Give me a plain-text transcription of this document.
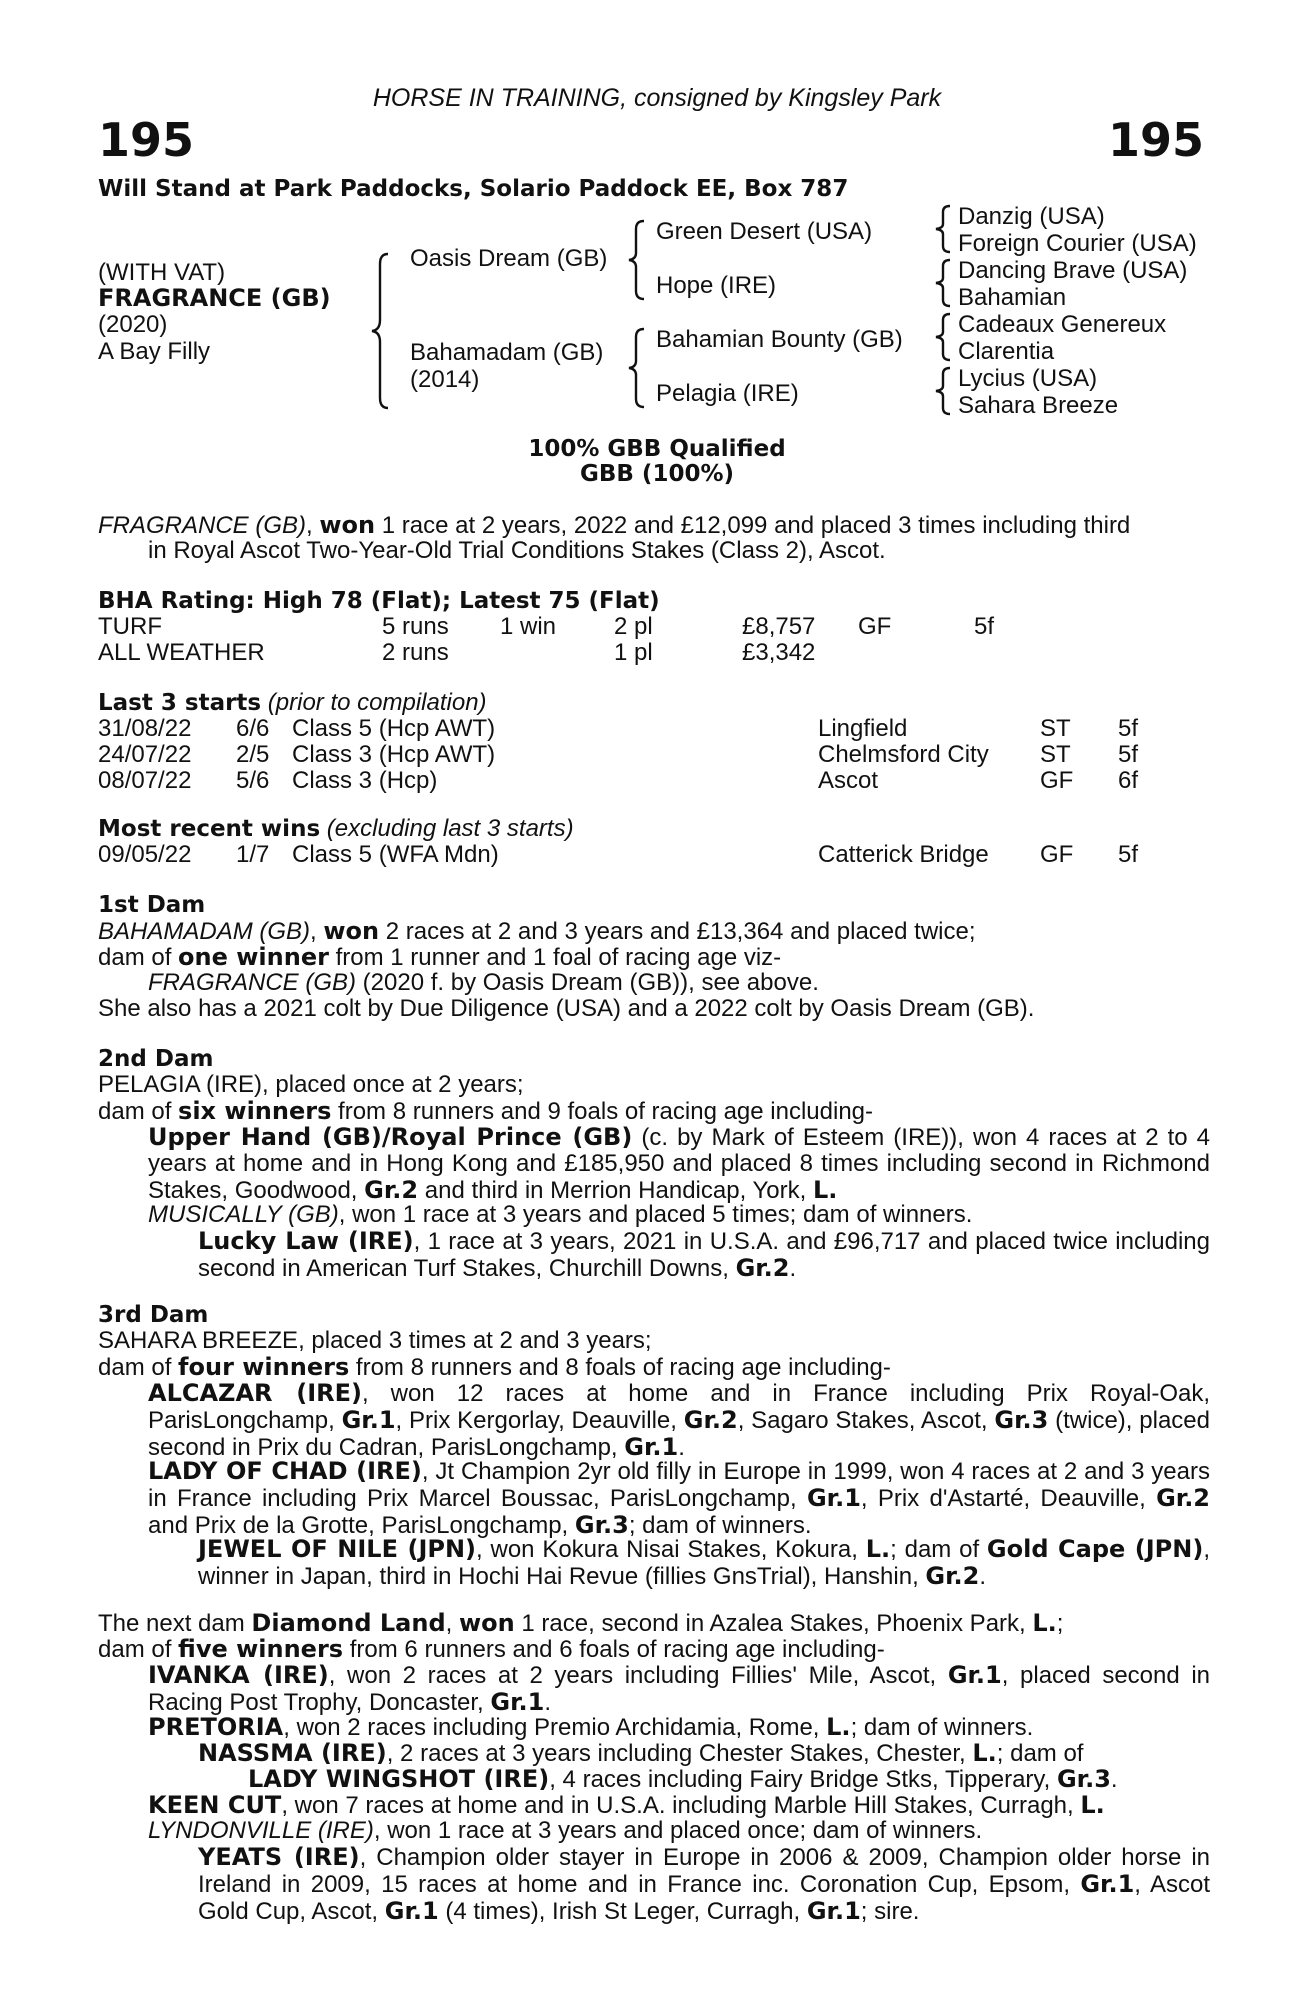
HORSE IN TRAINING, consigned by Kingsley Park
195	195
Will Stand at Park Paddocks, Solario Paddock EE, Box 787
(WITH VAT)
FRAGRANCE (GB)
(2020)
A Bay Filly
Oasis Dream (GB)
Bahamadam (GB)
(2014)
Green Desert (USA)
Hope (IRE)
Bahamian Bounty (GB)
Pelagia (IRE)
Danzig (USA)
Foreign Courier (USA)
Dancing Brave (USA)
Bahamian
Cadeaux Genereux
Clarentia
Lycius (USA)
Sahara Breeze
100% GBB Qualified
GBB (100%)
FRAGRANCE (GB), won 1 race at 2 years, 2022 and £12,099 and placed 3 times including third
in Royal Ascot Two-Year-Old Trial Conditions Stakes (Class 2), Ascot.
BHA Rating: High 78 (Flat); Latest 75 (Flat)
TURF	5 runs 1 win 2 pl	£8,757 GF	5f
ALL WEATHER	2 runs	1 pl	£3,342
Last 3 starts (prior to compilation)
31/08/22 6/6 Class 5 (Hcp AWT)	Lingfield	ST 5f
24/07/22 2/5 Class 3 (Hcp AWT)	Chelmsford City ST 5f
08/07/22 5/6 Class 3 (Hcp)	Ascot	GF 6f
Most recent wins (excluding last 3 starts)
09/05/22 1/7 Class 5 (WFA Mdn)	Catterick Bridge GF 5f
1st Dam
BAHAMADAM (GB), won 2 races at 2 and 3 years and £13,364 and placed twice;
dam of one winner from 1 runner and 1 foal of racing age viz-
FRAGRANCE (GB) (2020 f. by Oasis Dream (GB)), see above.
She also has a 2021 colt by Due Diligence (USA) and a 2022 colt by Oasis Dream (GB).
2nd Dam
PELAGIA (IRE), placed once at 2 years;
dam of six winners from 8 runners and 9 foals of racing age including-
Upper Hand (GB)/Royal Prince (GB) (c. by Mark of Esteem (IRE)), won 4 races at 2 to 4 years at home and in Hong Kong and £185,950 and placed 8 times including second in Richmond Stakes, Goodwood, Gr.2 and third in Merrion Handicap, York, L.
MUSICALLY (GB), won 1 race at 3 years and placed 5 times; dam of winners.
Lucky Law (IRE), 1 race at 3 years, 2021 in U.S.A. and £96,717 and placed twice including second in American Turf Stakes, Churchill Downs, Gr.2.
3rd Dam
SAHARA BREEZE, placed 3 times at 2 and 3 years;
dam of four winners from 8 runners and 8 foals of racing age including-
ALCAZAR (IRE), won 12 races at home and in France including Prix Royal-Oak, ParisLongchamp, Gr.1, Prix Kergorlay, Deauville, Gr.2, Sagaro Stakes, Ascot, Gr.3 (twice), placed second in Prix du Cadran, ParisLongchamp, Gr.1.
LADY OF CHAD (IRE), Jt Champion 2yr old filly in Europe in 1999, won 4 races at 2 and 3 years in France including Prix Marcel Boussac, ParisLongchamp, Gr.1, Prix d'Astarté, Deauville, Gr.2 and Prix de la Grotte, ParisLongchamp, Gr.3; dam of winners.
JEWEL OF NILE (JPN), won Kokura Nisai Stakes, Kokura, L.; dam of Gold Cape (JPN), winner in Japan, third in Hochi Hai Revue (fillies GnsTrial), Hanshin, Gr.2.
The next dam Diamond Land, won 1 race, second in Azalea Stakes, Phoenix Park, L.;
dam of five winners from 6 runners and 6 foals of racing age including-
IVANKA (IRE), won 2 races at 2 years including Fillies' Mile, Ascot, Gr.1, placed second in Racing Post Trophy, Doncaster, Gr.1.
PRETORIA, won 2 races including Premio Archidamia, Rome, L.; dam of winners.
NASSMA (IRE), 2 races at 3 years including Chester Stakes, Chester, L.; dam of
LADY WINGSHOT (IRE), 4 races including Fairy Bridge Stks, Tipperary, Gr.3.
KEEN CUT, won 7 races at home and in U.S.A. including Marble Hill Stakes, Curragh, L.
LYNDONVILLE (IRE), won 1 race at 3 years and placed once; dam of winners.
YEATS (IRE), Champion older stayer in Europe in 2006 & 2009, Champion older horse in Ireland in 2009, 15 races at home and in France inc. Coronation Cup, Epsom, Gr.1, Ascot Gold Cup, Ascot, Gr.1 (4 times), Irish St Leger, Curragh, Gr.1; sire.
